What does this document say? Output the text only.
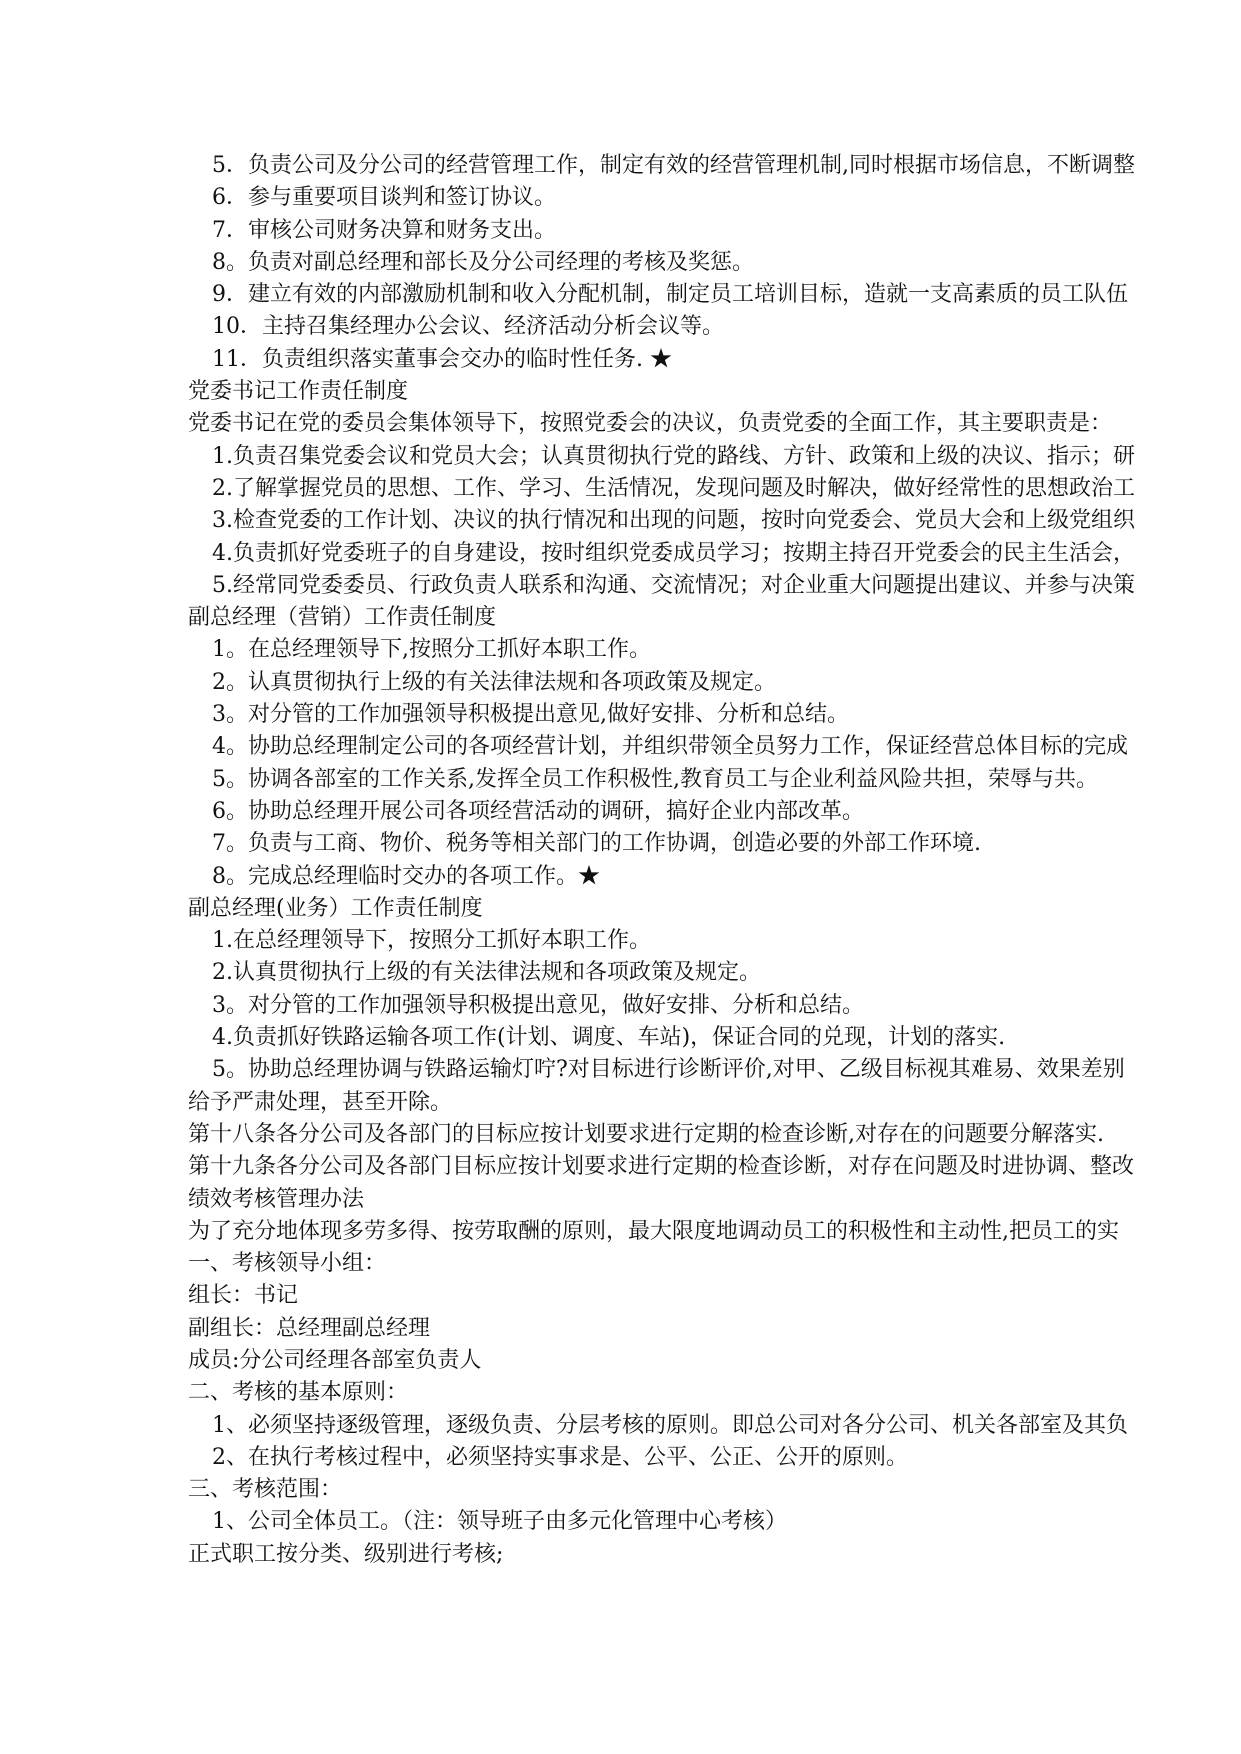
5．负责公司及分公司的经营管理工作，制定有效的经营管理机制,同时根据市场信息，不断调整
6．参与重要项目谈判和签订协议。
7．审核公司财务决算和财务支出。
8。负责对副总经理和部长及分公司经理的考核及奖惩。
9．建立有效的内部激励机制和收入分配机制，制定员工培训目标，造就一支高素质的员工队伍
10．主持召集经理办公会议、经济活动分析会议等。
11．负责组织落实董事会交办的临时性任务. ★
党委书记工作责任制度
党委书记在党的委员会集体领导下，按照党委会的决议，负责党委的全面工作，其主要职责是：
1.负责召集党委会议和党员大会；认真贯彻执行党的路线、方针、政策和上级的决议、指示；研
2.了解掌握党员的思想、工作、学习、生活情况，发现问题及时解决，做好经常性的思想政治工
3.检查党委的工作计划、决议的执行情况和出现的问题，按时向党委会、党员大会和上级党组织
4.负责抓好党委班子的自身建设，按时组织党委成员学习；按期主持召开党委会的民主生活会，
5.经常同党委委员、行政负责人联系和沟通、交流情况；对企业重大问题提出建议、并参与决策
副总经理（营销）工作责任制度
1。在总经理领导下,按照分工抓好本职工作。
2。认真贯彻执行上级的有关法律法规和各项政策及规定。
3。对分管的工作加强领导积极提出意见,做好安排、分析和总结。
4。协助总经理制定公司的各项经营计划，并组织带领全员努力工作，保证经营总体目标的完成
5。协调各部室的工作关系,发挥全员工作积极性,教育员工与企业利益风险共担，荣辱与共。
6。协助总经理开展公司各项经营活动的调研，搞好企业内部改革。
7。负责与工商、物价、税务等相关部门的工作协调，创造必要的外部工作环境.
8。完成总经理临时交办的各项工作。★
副总经理(业务）工作责任制度
1.在总经理领导下，按照分工抓好本职工作。
2.认真贯彻执行上级的有关法律法规和各项政策及规定。
3。对分管的工作加强领导积极提出意见，做好安排、分析和总结。
4.负责抓好铁路运输各项工作(计划、调度、车站)，保证合同的兑现，计划的落实.
5。协助总经理协调与铁路运输灯咛?对目标进行诊断评价,对甲、乙级目标视其难易、效果差别
给予严肃处理，甚至开除。
第十八条各分公司及各部门的目标应按计划要求进行定期的检查诊断,对存在的问题要分解落实.
第十九条各分公司及各部门目标应按计划要求进行定期的检查诊断，对存在问题及时进协调、整改
绩效考核管理办法
为了充分地体现多劳多得、按劳取酬的原则，最大限度地调动员工的积极性和主动性,把员工的实
一、考核领导小组：
组长：书记
副组长：总经理副总经理
成员:分公司经理各部室负责人
二、考核的基本原则：
1、必须坚持逐级管理，逐级负责、分层考核的原则。即总公司对各分公司、机关各部室及其负
2、在执行考核过程中，必须坚持实事求是、公平、公正、公开的原则。
三、考核范围：
1、公司全体员工。（注：领导班子由多元化管理中心考核）
正式职工按分类、级别进行考核;
